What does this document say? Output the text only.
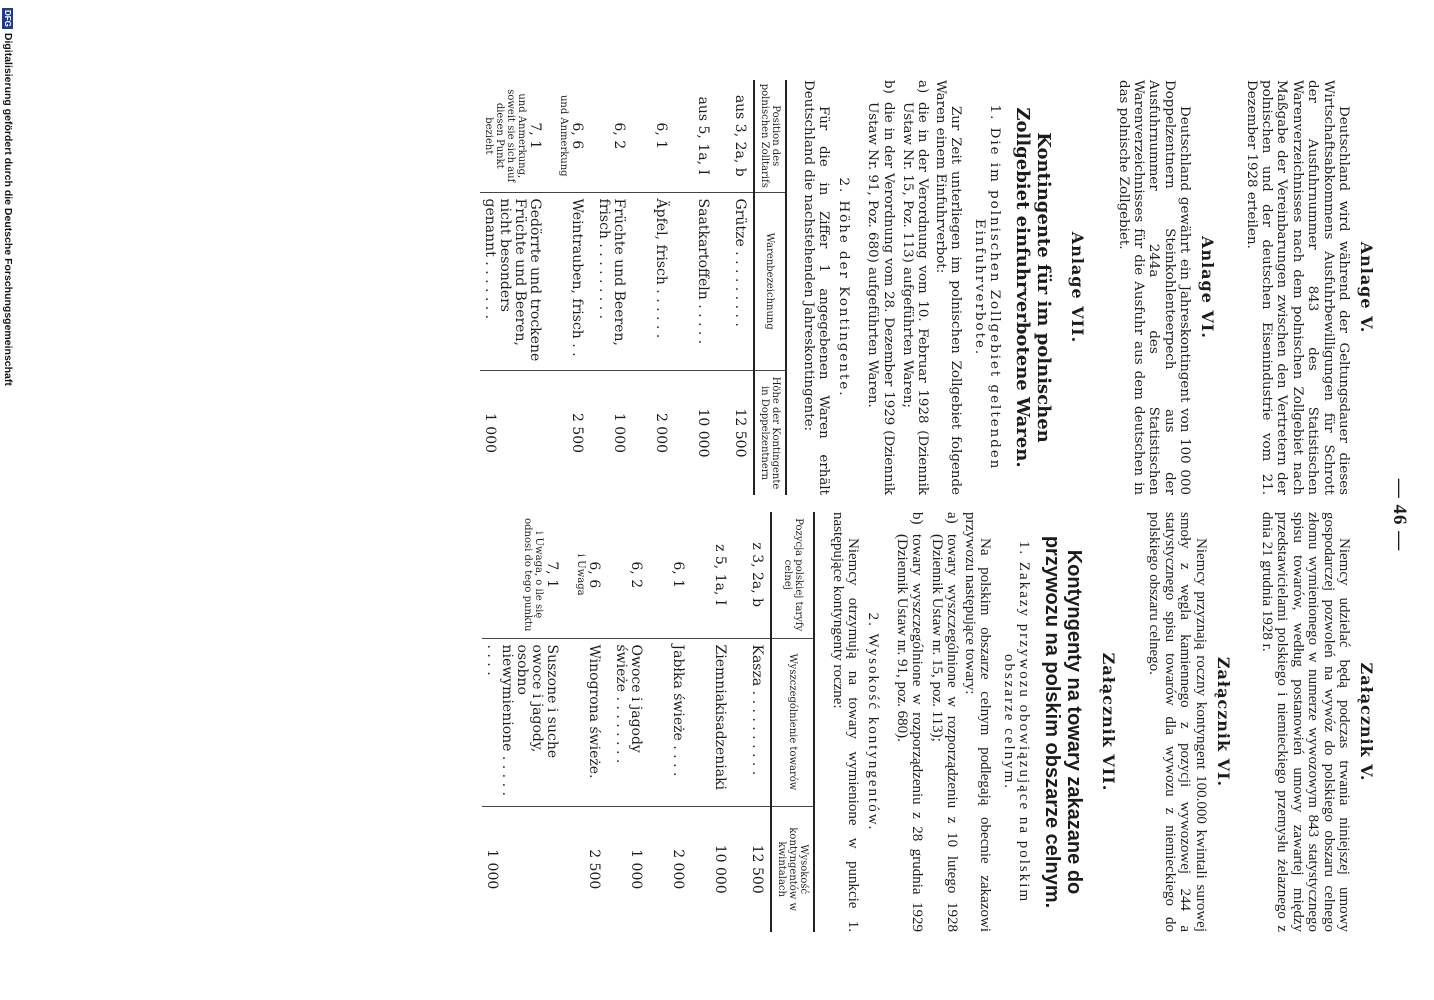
— 46 —
Anlage V.

Deutschland wird während der Geltungsdauer dieses Wirtschaftsabkommens Ausfuhrbewilligungen für Schrott der Ausfuhrnummer 843 des Statistischen Warenverzeichnisses nach dem polnischen Zollgebiet nach Maßgabe der Vereinbarungen zwischen den Vertretern der polnischen und der deutschen Eisenindustrie vom 21. Dezember 1928 erteilen.

Anlage VI.

Deutschland gewährt ein Jahreskontingent von 100 000 Doppelzentnern Steinkohlenteerpech aus der Ausfuhrnummer 244a des Statistischen Warenverzeichnisses für die Ausfuhr aus dem deutschen in das polnische Zollgebiet.

Anlage VII.
Kontingente für im polnischen Zollgebiet einfuhrverbotene Waren.

1. Die im polnischen Zollgebiet geltenden Einfuhrverbote.

Zur Zeit unterliegen im polnischen Zollgebiet folgende Waren einem Einfuhrverbot:

a)
die in der Verordnung vom 10. Februar 1928 (Dziennik Ustaw Nr. 15, Poz. 113) aufgeführten Waren;
b)
die in der Verordnung vom 28. Dezember 1929 (Dziennik Ustaw Nr. 91, Poz. 680) aufgeführten Waren.

2. Höhe der Kontingente.

Für die in Ziffer 1 angegebenen Waren erhält Deutschland die nachstehenden Jahreskontingente:

Position des polnischen Zolltarifs	Warenbezeichnung	Höhe der Kontingente in Doppelzentnern
aus 3, 2a, b	Grütze . . . . . . . . .	12 500
aus 5, 1a, I	Saatkartoffeln . . . . .	10 000
6, 1	Äpfel, frisch . . . . . .	2 000
6, 2	Früchte und Beeren, frisch . . . . . . . . .	1 000
6, 6
und Anmerkung	Weintrauben, frisch . .	2 500
7, 1
und Anmerkung, soweit sie sich auf diesen Punkt bezieht	Gedörrte und trockene Früchte und Beeren, nicht besonders genannt . . . . . . .	1 000
Załącznik V.

Niemcy udzielać będą podczas trwania niniejszej umowy gospodarczej pozwoleń na wywóz do polskiego obszaru celnego złomu wymienionego w numerze wywozowym 843 statystycznego spisu towarów, według postanowień umowy zawartej między przedstawicielami polskiego i niemieckiego przemysłu żelaznego z dnia 21 grudnia 1928 r.

Załącznik VI.

Niemcy przyznają roczny kontyngent 100.000 kwintali surowej smoły z węgla kamiennego z pozycji wywozowej 244 a statystycznego spisu towarów dla wywozu z niemieckiego do polskiego obszaru celnego.

Załącznik VII.
Kontyngenty na towary zakazane do przywozu na polskim obszarze celnym.

1. Zakazy przywozu obowiązujące na polskim obszarze celnym.

Na polskim obszarze celnym podlegają obecnie zakazowi przywozu następujące towary:

a)
towary wyszczególnione w rozporządzeniu z 10 lutego 1928 (Dziennik Ustaw nr. 15, poz. 113);
b)
towary wyszczególnione w rozporządzeniu z 28 grudnia 1929 (Dziennik Ustaw nr. 91, poz. 680).

2. Wysokość kontyngentów.

Niemcy otrzymują na towary wymienione w punkcie 1. następujące kontyngenty roczne:

Pozycja polskiej taryfy celnej	Wyszczególnienie towarów	Wysokość kontyngentów w kwintalach
z 3, 2a, b	Kasza . . . . . . . . . .	12 500
z 5, 1a, I	Ziemniakisadzeniaki	10 000
6, 1	Jabłka świeże . . . .	2 000
6, 2	Owoce i jagody świeże . . . . . . . .	1 000
6, 6
i Uwaga	Winogrona świeże.	2 500
7, 1
i Uwaga, o ile się odnosi do tego punktu	Suszone i suche owoce i jagody, osobno niewymienione . . . . . . . . .	1 000
DFGDigitalisierung gefördert durch die Deutsche Forschungsgemeinschaft
